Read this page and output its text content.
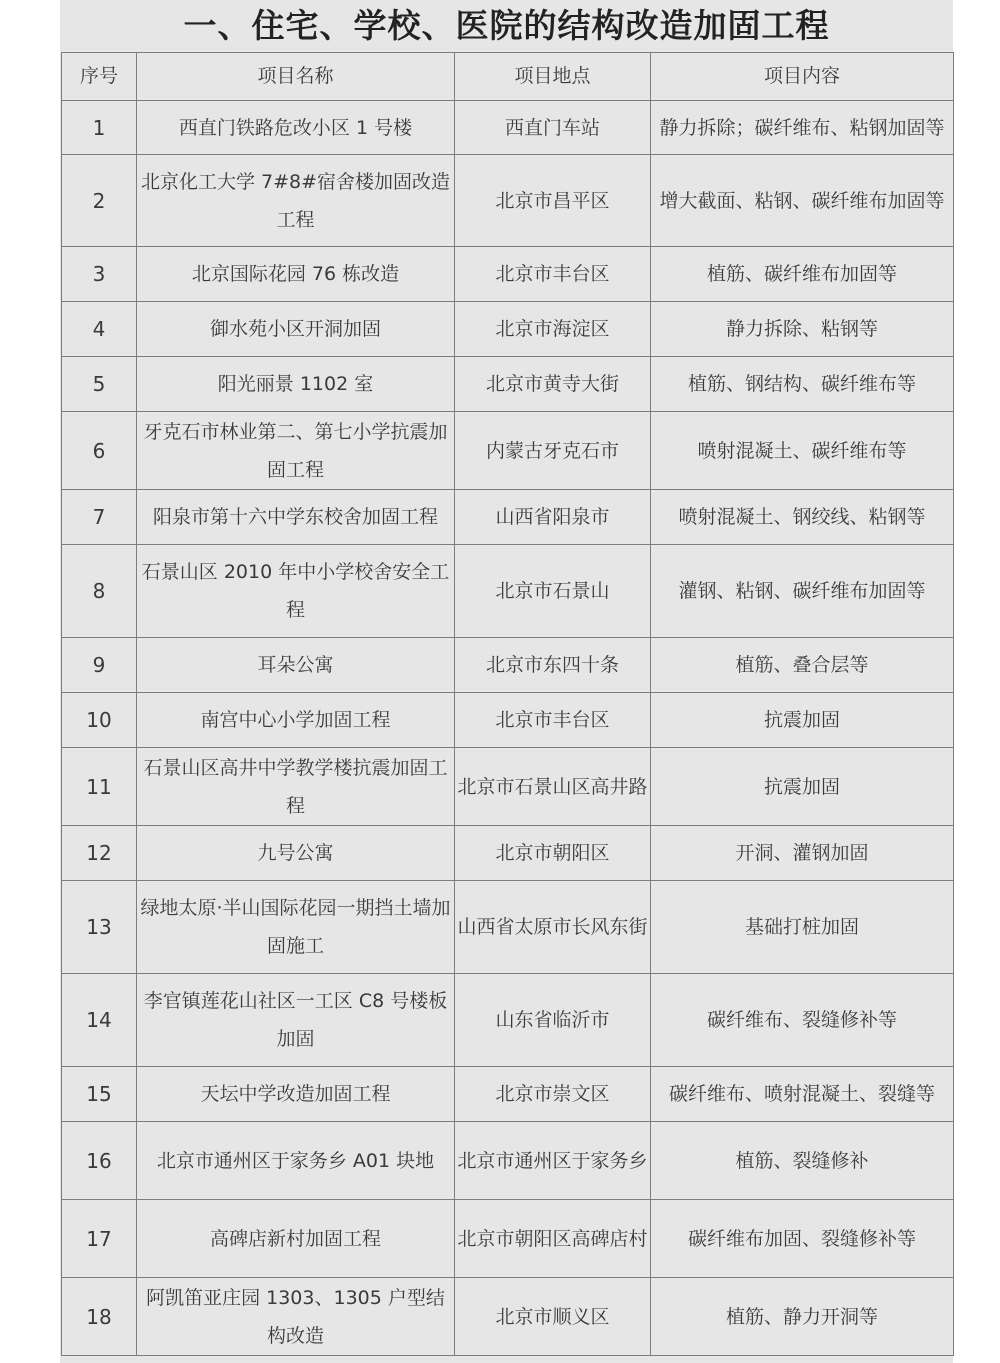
一、住宅、学校、医院的结构改造加固工程
序号	项目名称	项目地点	项目内容
1	西直门铁路危改小区 1 号楼	西直门车站	静力拆除；碳纤维布、粘钢加固等
2	北京化工大学 7#8#宿舍楼加固改造工程	北京市昌平区	增大截面、粘钢、碳纤维布加固等
3	北京国际花园 76 栋改造	北京市丰台区	植筋、碳纤维布加固等
4	御水苑小区开洞加固	北京市海淀区	静力拆除、粘钢等
5	阳光丽景 1102 室	北京市黄寺大街	植筋、钢结构、碳纤维布等
6	牙克石市林业第二、第七小学抗震加固工程	内蒙古牙克石市	喷射混凝土、碳纤维布等
7	阳泉市第十六中学东校舍加固工程	山西省阳泉市	喷射混凝土、钢绞线、粘钢等
8	石景山区 2010 年中小学校舍安全工程	北京市石景山	灌钢、粘钢、碳纤维布加固等
9	耳朵公寓	北京市东四十条	植筋、叠合层等
10	南宫中心小学加固工程	北京市丰台区	抗震加固
11	石景山区高井中学教学楼抗震加固工程	北京市石景山区高井路	抗震加固
12	九号公寓	北京市朝阳区	开洞、灌钢加固
13	绿地太原·半山国际花园一期挡土墙加固施工	山西省太原市长风东街	基础打桩加固
14	李官镇莲花山社区一工区 C8 号楼板加固	山东省临沂市	碳纤维布、裂缝修补等
15	天坛中学改造加固工程	北京市崇文区	碳纤维布、喷射混凝土、裂缝等
16	北京市通州区于家务乡 A01 块地	北京市通州区于家务乡	植筋、裂缝修补
17	高碑店新村加固工程	北京市朝阳区高碑店村	碳纤维布加固、裂缝修补等
18	阿凯笛亚庄园 1303、1305 户型结构改造	北京市顺义区	植筋、静力开洞等
